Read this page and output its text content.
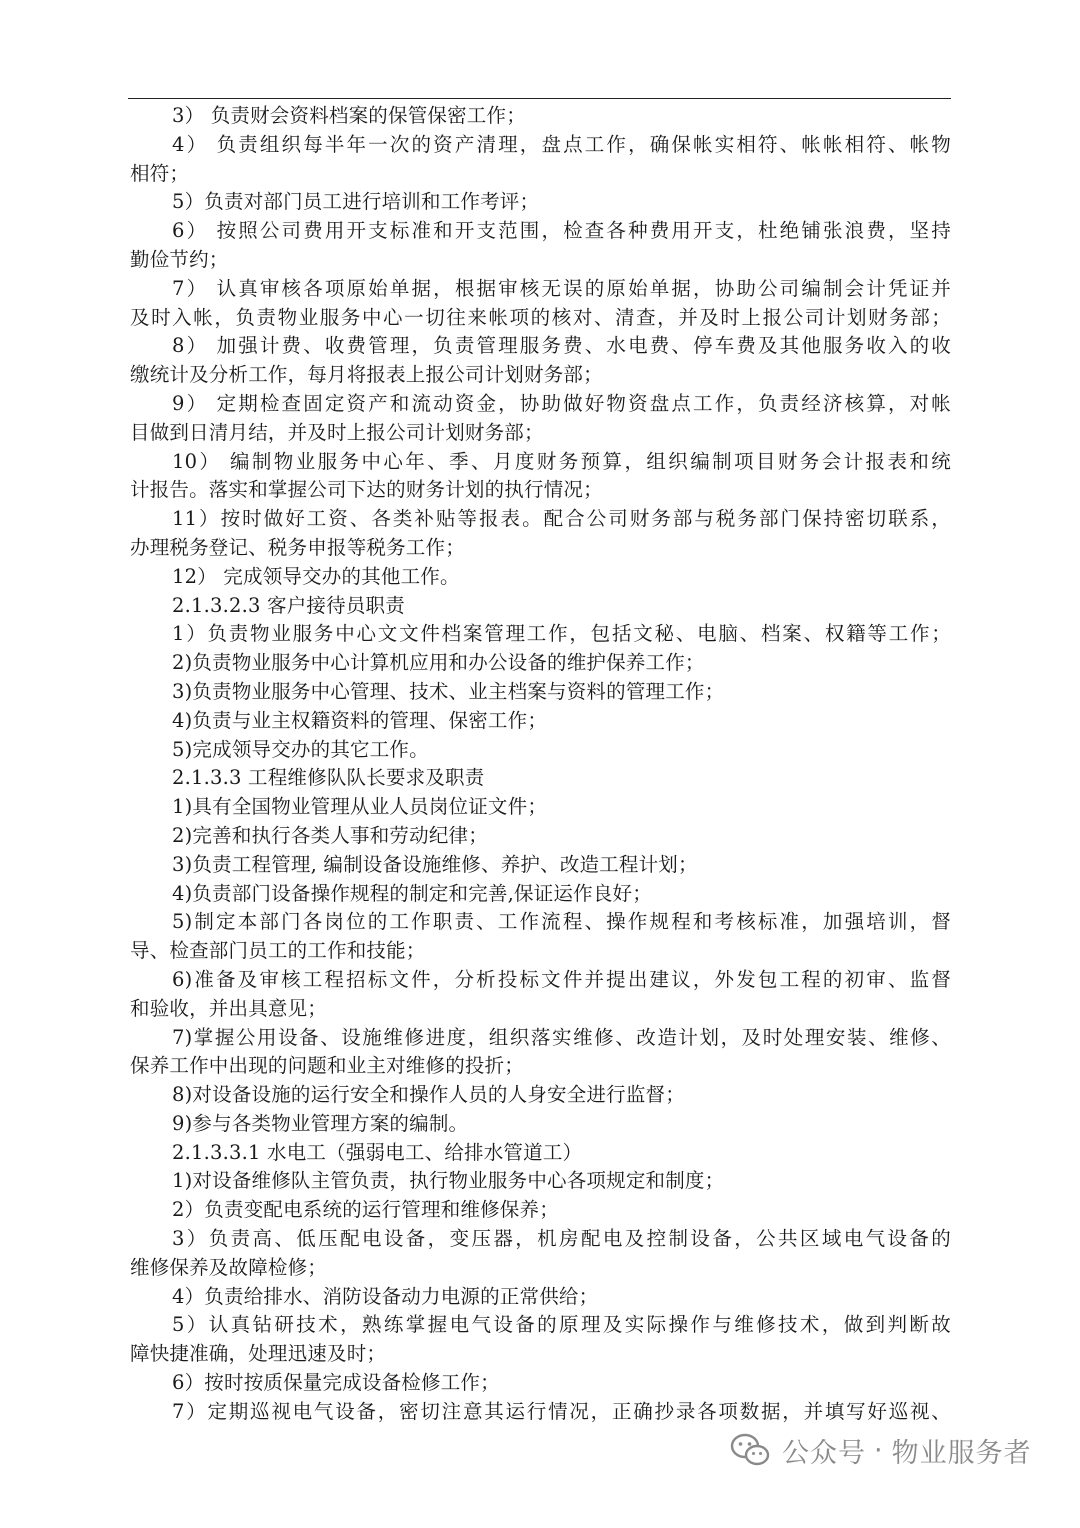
3） 负责财会资料档案的保管保密工作；
4） 负责组织每半年一次的资产清理，盘点工作，确保帐实相符、帐帐相符、帐物
相符；
5）负责对部门员工进行培训和工作考评；
6） 按照公司费用开支标准和开支范围，检查各种费用开支，杜绝铺张浪费，坚持
勤俭节约；
7） 认真审核各项原始单据，根据审核无误的原始单据，协助公司编制会计凭证并
及时入帐，负责物业服务中心一切往来帐项的核对、清查，并及时上报公司计划财务部；
8） 加强计费、收费管理，负责管理服务费、水电费、停车费及其他服务收入的收
缴统计及分析工作，每月将报表上报公司计划财务部；
9） 定期检查固定资产和流动资金，协助做好物资盘点工作，负责经济核算，对帐
目做到日清月结，并及时上报公司计划财务部；
10） 编制物业服务中心年、季、月度财务预算，组织编制项目财务会计报表和统
计报告。落实和掌握公司下达的财务计划的执行情况；
11）按时做好工资、各类补贴等报表。配合公司财务部与税务部门保持密切联系，
办理税务登记、税务申报等税务工作；
12） 完成领导交办的其他工作。
2.1.3.2.3 客户接待员职责
1）负责物业服务中心文文件档案管理工作，包括文秘、电脑、档案、权籍等工作；
2)负责物业服务中心计算机应用和办公设备的维护保养工作；
3)负责物业服务中心管理、技术、业主档案与资料的管理工作；
4)负责与业主权籍资料的管理、保密工作；
5)完成领导交办的其它工作。
2.1.3.3 工程维修队队长要求及职责
1)具有全国物业管理从业人员岗位证文件；
2)完善和执行各类人事和劳动纪律；
3)负责工程管理, 编制设备设施维修、养护、改造工程计划；
4)负责部门设备操作规程的制定和完善,保证运作良好；
5)制定本部门各岗位的工作职责、工作流程、操作规程和考核标准，加强培训，督
导、检查部门员工的工作和技能；
6)准备及审核工程招标文件，分析投标文件并提出建议，外发包工程的初审、监督
和验收，并出具意见；
7)掌握公用设备、设施维修进度，组织落实维修、改造计划，及时处理安装、维修、
保养工作中出现的问题和业主对维修的投折；
8)对设备设施的运行安全和操作人员的人身安全进行监督；
9)参与各类物业管理方案的编制。
2.1.3.3.1 水电工（强弱电工、给排水管道工）
1)对设备维修队主管负责，执行物业服务中心各项规定和制度；
2）负责变配电系统的运行管理和维修保养；
3）负责高、低压配电设备，变压器，机房配电及控制设备，公共区域电气设备的
维修保养及故障检修；
4）负责给排水、消防设备动力电源的正常供给；
5）认真钻研技术，熟练掌握电气设备的原理及实际操作与维修技术，做到判断故
障快捷准确，处理迅速及时；
6）按时按质保量完成设备检修工作；
7）定期巡视电气设备，密切注意其运行情况，正确抄录各项数据，并填写好巡视、
公众号 · 物业服务者
